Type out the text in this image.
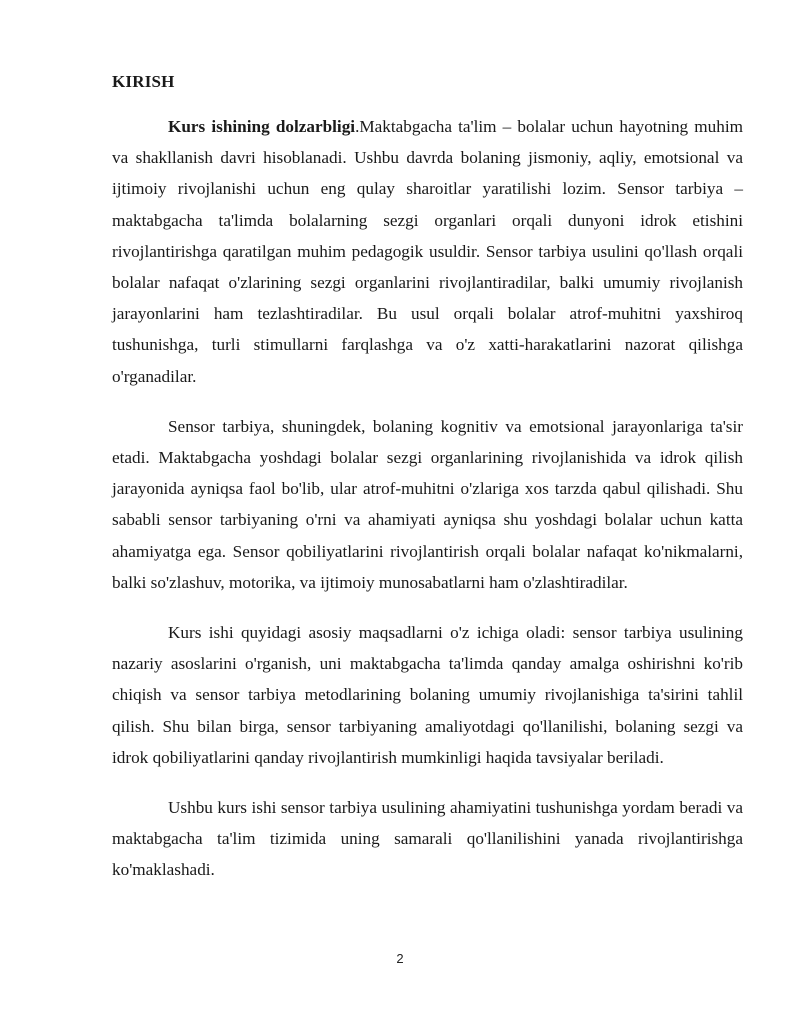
KIRISH

Kurs ishining dolzarbligi.Maktabgacha ta'lim – bolalar uchun hayotning muhim va shakllanish davri hisoblanadi. Ushbu davrda bolaning jismoniy, aqliy, emotsional va ijtimoiy rivojlanishi uchun eng qulay sharoitlar yaratilishi lozim. Sensor tarbiya – maktabgacha ta'limda bolalarning sezgi organlari orqali dunyoni idrok etishini rivojlantirishga qaratilgan muhim pedagogik usuldir. Sensor tarbiya usulini qo'llash orqali bolalar nafaqat o'zlarining sezgi organlarini rivojlantiradilar, balki umumiy rivojlanish jarayonlarini ham tezlashtiradilar. Bu usul orqali bolalar atrof-muhitni yaxshiroq tushunishga, turli stimullarni farqlashga va o'z xatti-harakatlarini nazorat qilishga o'rganadilar.

Sensor tarbiya, shuningdek, bolaning kognitiv va emotsional jarayonlariga ta'sir etadi. Maktabgacha yoshdagi bolalar sezgi organlarining rivojlanishida va idrok qilish jarayonida ayniqsa faol bo'lib, ular atrof-muhitni o'zlariga xos tarzda qabul qilishadi. Shu sababli sensor tarbiyaning o'rni va ahamiyati ayniqsa shu yoshdagi bolalar uchun katta ahamiyatga ega. Sensor qobiliyatlarini rivojlantirish orqali bolalar nafaqat ko'nikmalarni, balki so'zlashuv, motorika, va ijtimoiy munosabatlarni ham o'zlashtiradilar.

Kurs ishi quyidagi asosiy maqsadlarni o'z ichiga oladi: sensor tarbiya usulining nazariy asoslarini o'rganish, uni maktabgacha ta'limda qanday amalga oshirishni ko'rib chiqish va sensor tarbiya metodlarining bolaning umumiy rivojlanishiga ta'sirini tahlil qilish. Shu bilan birga, sensor tarbiyaning amaliyotdagi qo'llanilishi, bolaning sezgi va idrok qobiliyatlarini qanday rivojlantirish mumkinligi haqida tavsiyalar beriladi.

Ushbu kurs ishi sensor tarbiya usulining ahamiyatini tushunishga yordam beradi va maktabgacha ta'lim tizimida uning samarali qo'llanilishini yanada rivojlantirishga ko'maklashadi.

2
